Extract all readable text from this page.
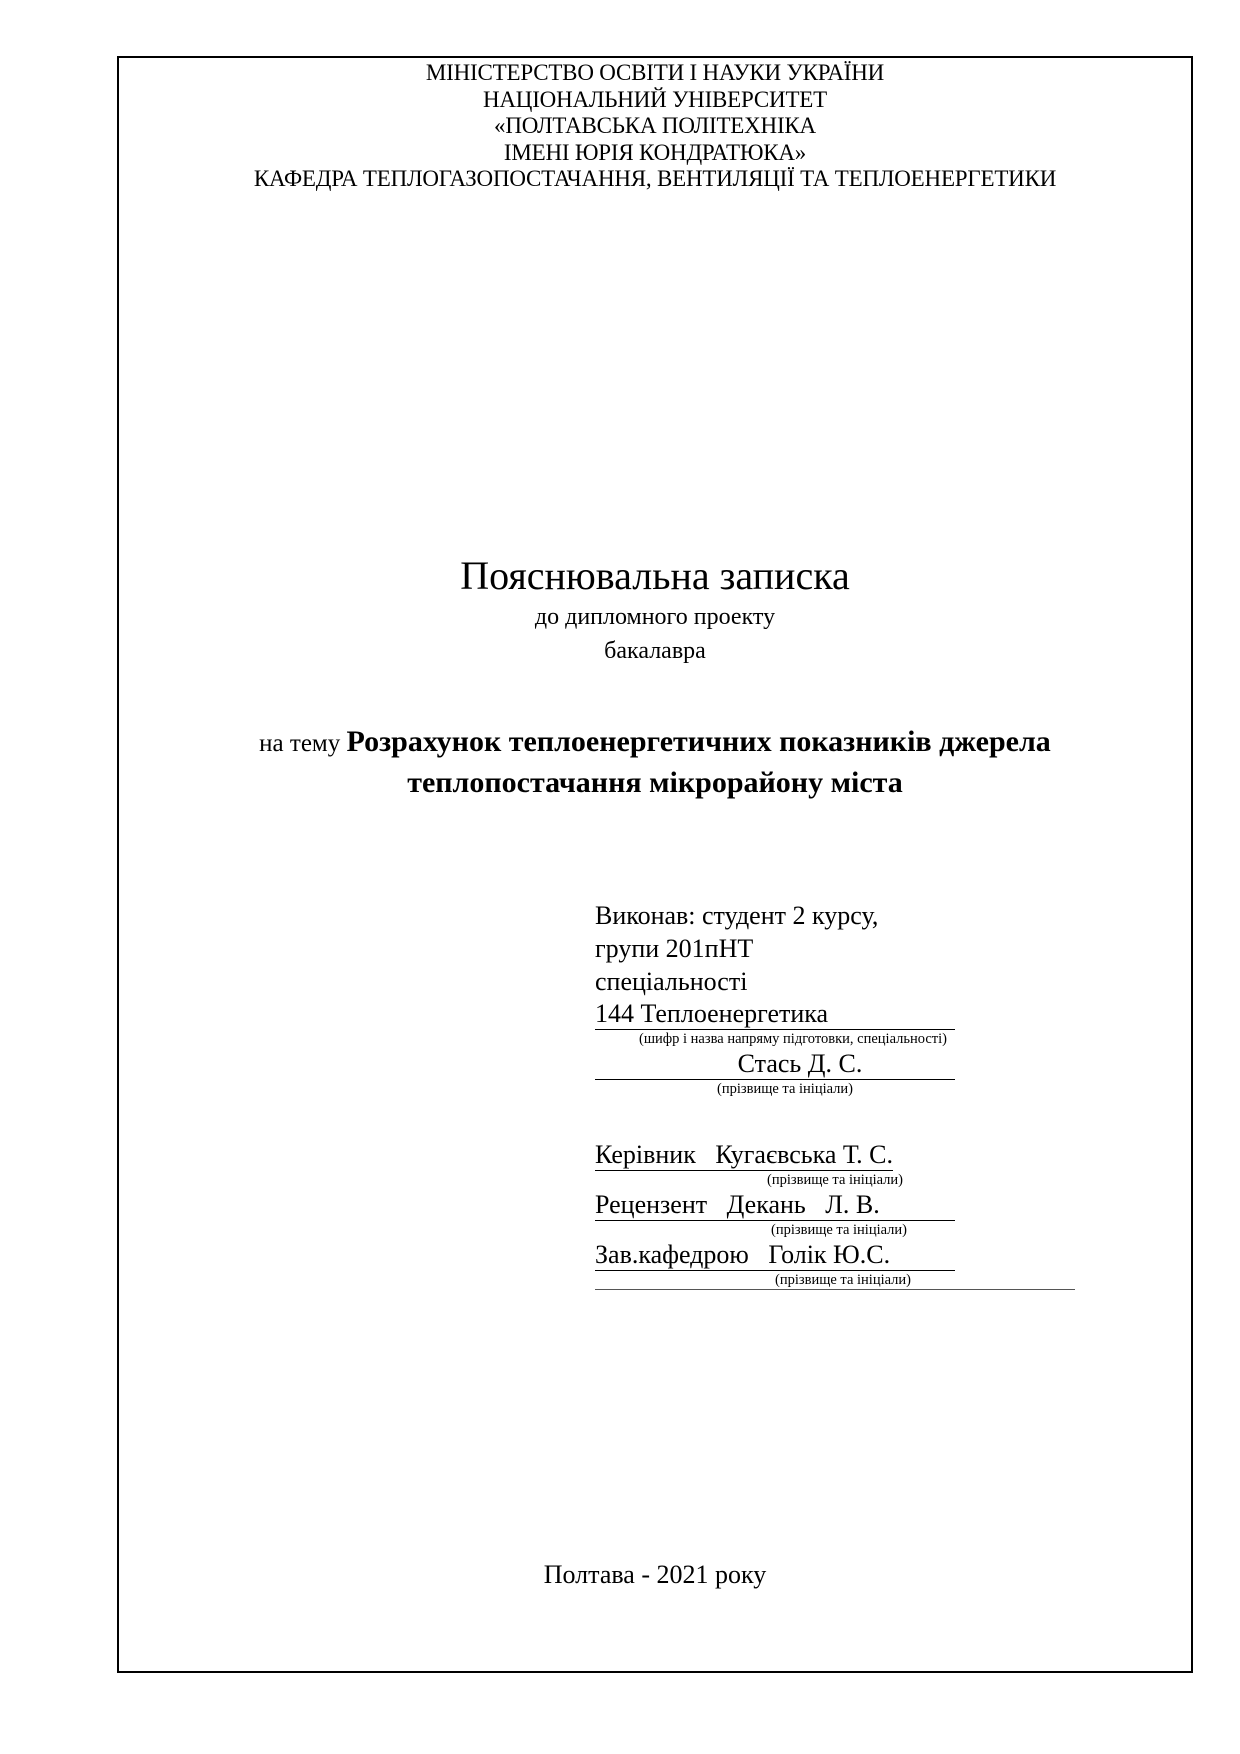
МІНІСТЕРСТВО ОСВІТИ І НАУКИ УКРАЇНИ
НАЦІОНАЛЬНИЙ УНІВЕРСИТЕТ
«ПОЛТАВСЬКА ПОЛІТЕХНІКА
ІМЕНІ ЮРІЯ КОНДРАТЮКА»
КАФЕДРА ТЕПЛОГАЗОПОСТАЧАННЯ, ВЕНТИЛЯЦІЇ ТА ТЕПЛОЕНЕРГЕТИКИ
Пояснювальна записка
до дипломного проекту
бакалавра
на тему Розрахунок теплоенергетичних показників джерела
теплопостачання мікрорайону міста
Виконав: студент 2 курсу,
групи 201пНТ
спеціальності
144 Теплоенергетика
(шифр і назва напряму підготовки, спеціальності)
Стась Д. С.
(прізвище та ініціали)
Керівник   Кугаєвська Т. С.
(прізвище та ініціали)
Рецензент   Декань   Л. В.
(прізвище та ініціали)
Зав.кафедрою   Голік Ю.С.
(прізвище та ініціали)
Полтава - 2021 року
